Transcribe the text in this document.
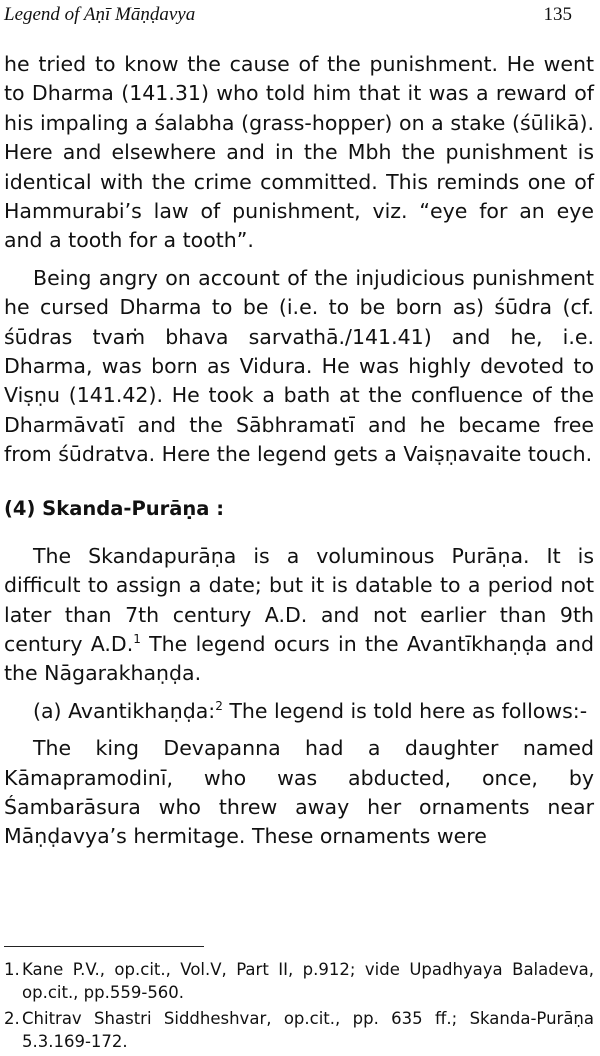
Legend of Aṇī Māṇḍavya	135

he tried to know the cause of the punishment. He went to Dharma (141.31) who told him that it was a reward of his impaling a śalabha (grass-hopper) on a stake (śūlikā). Here and elsewhere and in the Mbh the punishment is identical with the crime committed. This reminds one of Hammurabi’s law of punishment, viz. “eye for an eye and a tooth for a tooth”.

Being angry on account of the injudicious punishment he cursed Dharma to be (i.e. to be born as) śūdra (cf. śūdras tvaṁ bhava sarvathā./141.41) and he, i.e. Dharma, was born as Vidura. He was highly devoted to Viṣṇu (141.42). He took a bath at the confluence of the Dharmāvatī and the Sābhramatī and he became free from śūdratva. Here the legend gets a Vaiṣṇavaite touch.

(4) Skanda-Purāṇa :

The Skandapurāṇa is a voluminous Purāṇa. It is difficult to assign a date; but it is datable to a period not later than 7th century A.D. and not earlier than 9th century A.D.$^1$ The legend ocurs in the Avantīkhaṇḍa and the Nāgarakhaṇḍa.

(a) Avantikhaṇḍa:$^2$ The legend is told here as follows:-

The king Devapanna had a daughter named Kāmapramodinī, who was abducted, once, by Śambarāsura who threw away her ornaments near Māṇḍavya’s hermitage. These ornaments were

1. Kane P.V., op.cit., Vol.V, Part II, p.912; vide Upadhyaya Baladeva, op.cit., pp.559-560.
2. Chitrav Shastri Siddheshvar, op.cit., pp. 635 ff.; Skanda-Purāṇa 5.3.169-172.
